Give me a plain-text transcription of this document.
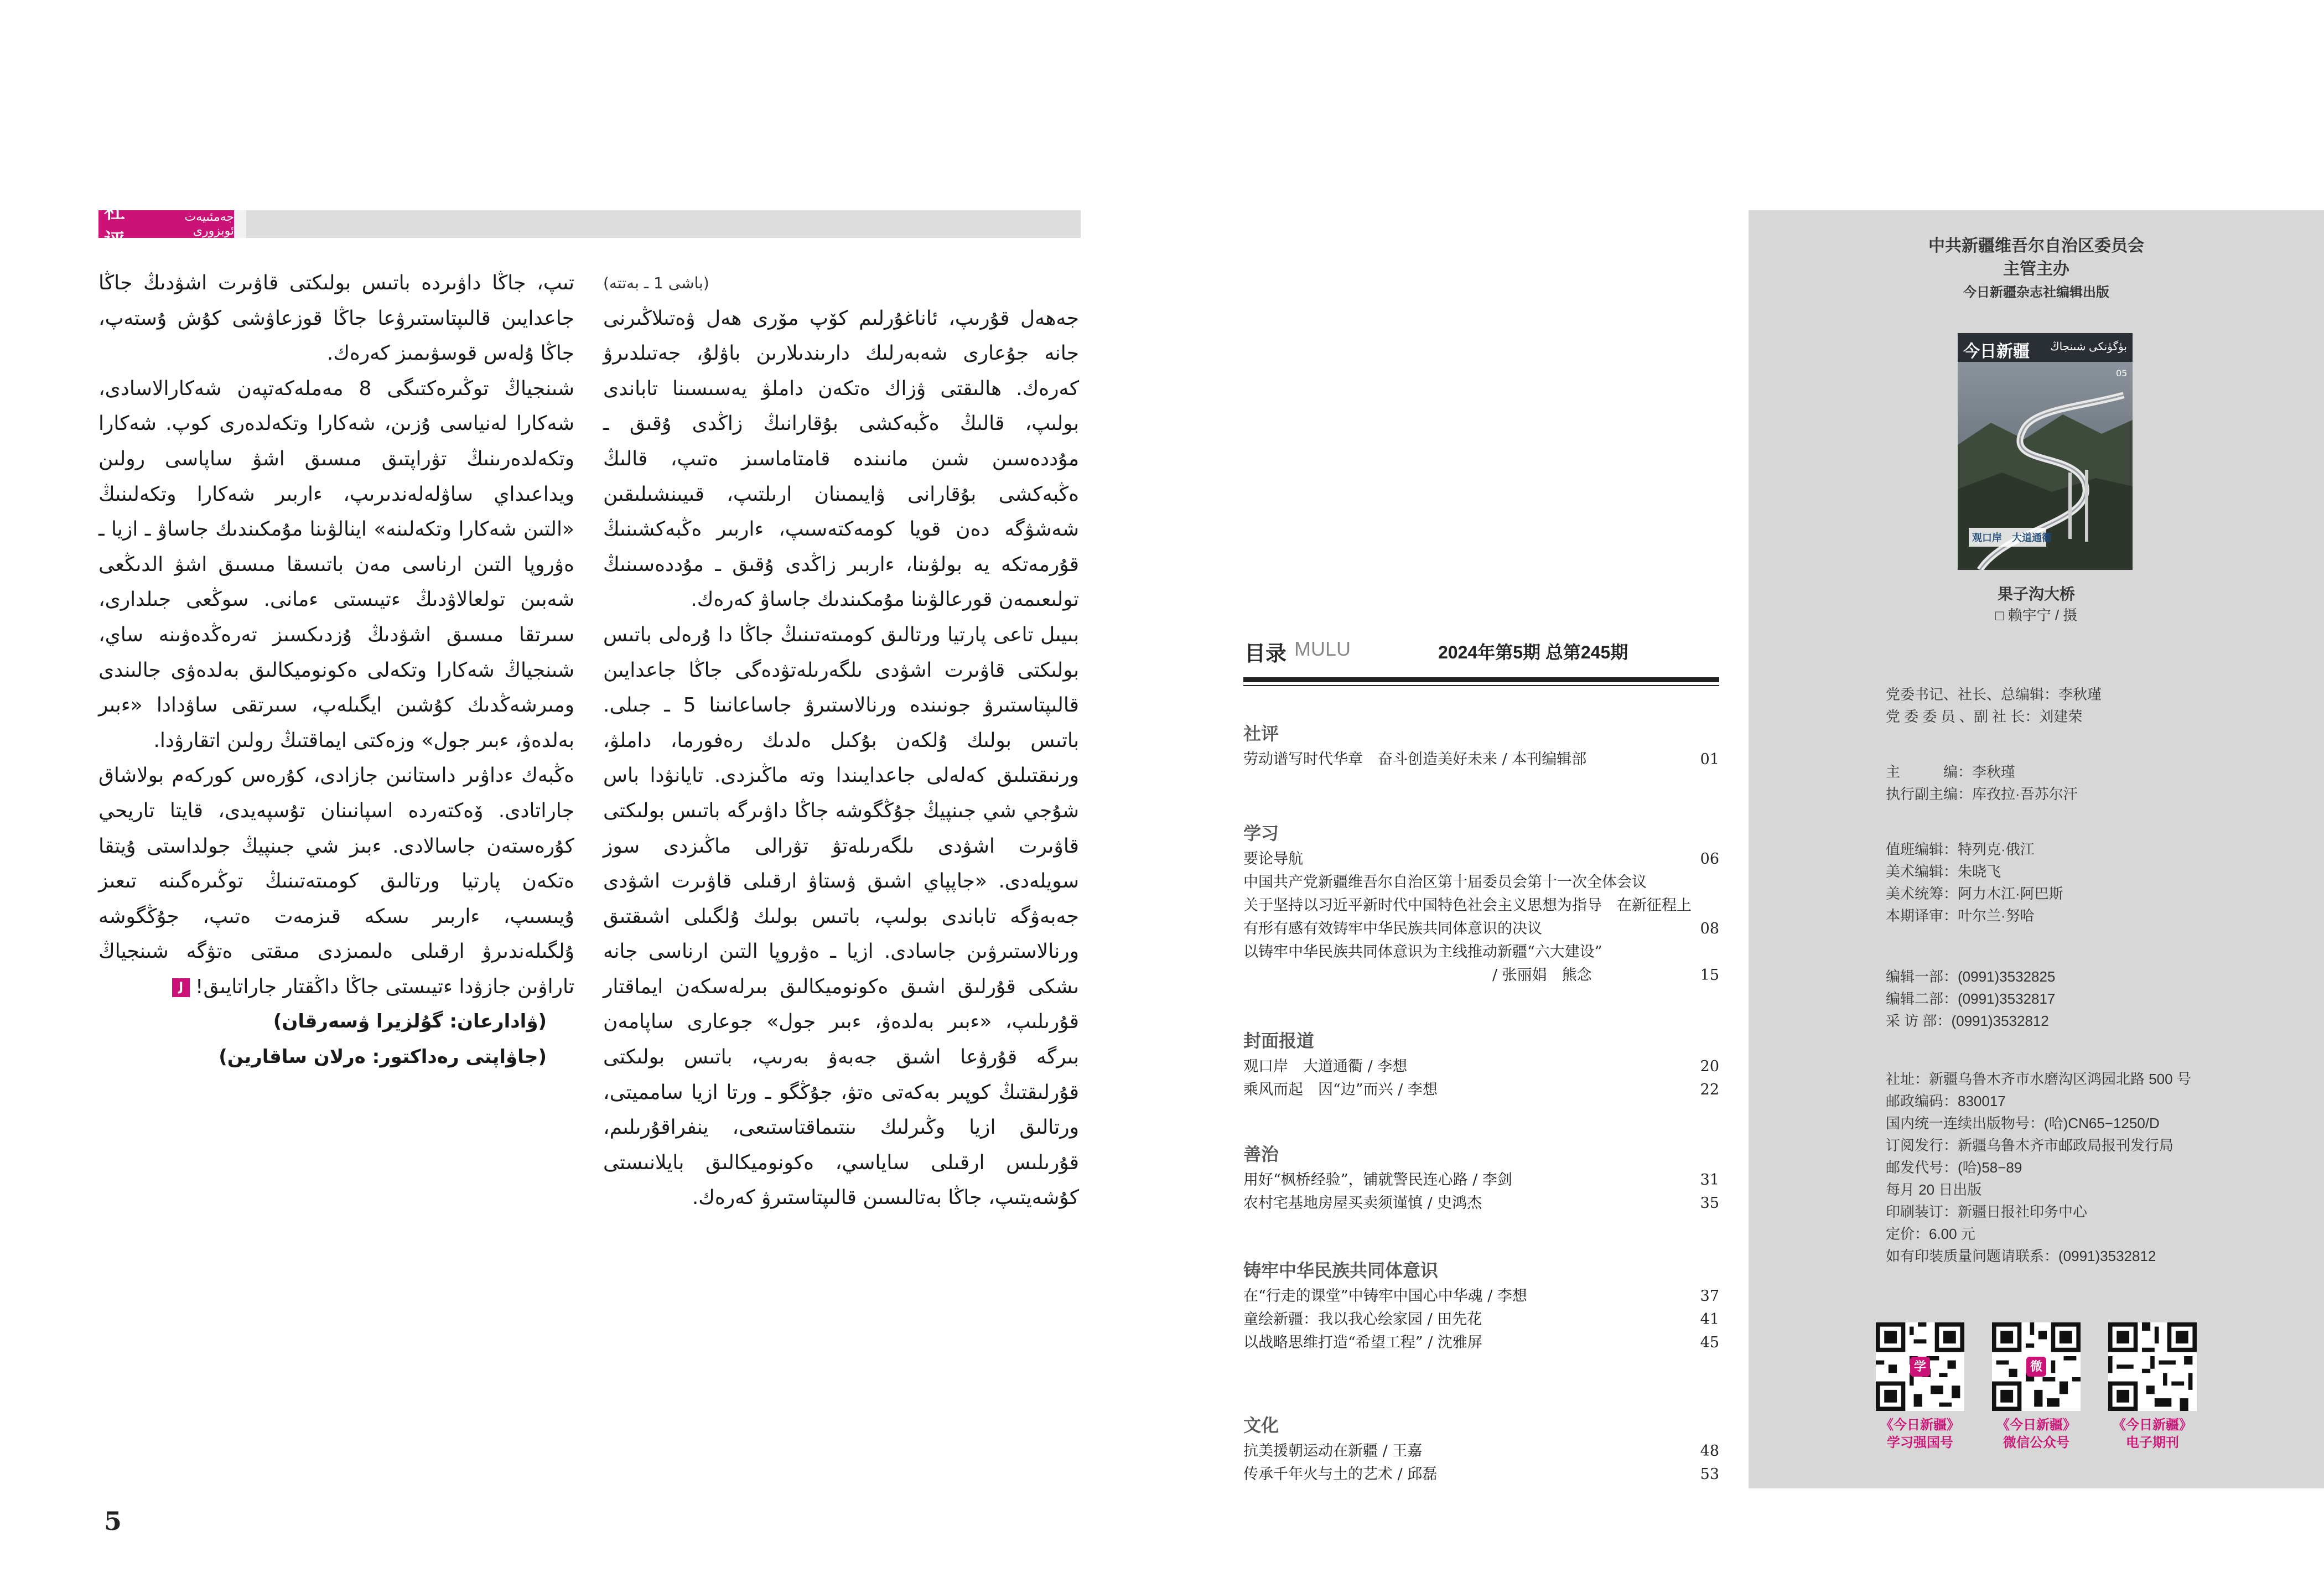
社评
جەمئىيەت ئوبزورى
(باشى 1 ـ بەتتە)

جەھەل قۇرىپ، ئاناغۇرلىم كۆپ مۆرى ھەل ۋەتىلاڭىرنى جانە جۇعارى شەبەرلىك دارىندىلارىن باۋلۇ، جەتىلدىرۋ كەرەك. ھالىقتى ۋزاك ەتكەن داملۋ يەسىسىنا تاباندى بولىپ، قالىڭ ەڭبەكشى بۇقارانىڭ زاڭدى ۇقىق ـ مۇددەسىن شىن مانىندە قامتاماسىز ەتىپ، قالىڭ ەڭبەكشى بۇقارانى ۋايىمىنان ارىلتىپ، قىيىنشىلىقىن شەشۋگە دەن قويا كومەكتەسىپ، ءاربىر ەڭبەكشىنىڭ قۇرمەتكە يە بولۋىنا، ءاربىر زاڭدى ۇقىق ـ مۇددەسىنىڭ تولىعىمەن قورعالۋىنا مۇمكىندىك جاساۋ كەرەك.

بىيىل تاعى پارتيا ورتالىق كومىتەتىنىڭ جاڭا دا ۇرەلى باتىس بولىكتى قاۋىرت اشۋدى ىلگەرىلەتۋدەگى جاڭا جاعدايىن قالىپتاستىرۋ جونىندە ورنالاستىرۋ جاساعانىنا 5 ـ جىلى. باتىس بولىك ۇلكەن بۇكىل ەلدىك رەفورما، داملۋ، ورنىقتىلىق كەلەلى جاعدايىندا وتە ماڭىزدى. تايانۋدا باس شۇجي شي جىنپيڭ جۇڭگوشە جاڭا داۋىرگە باتىس بولىكتى قاۋىرت اشۋدى ىلگەرىلەتۋ تۋرالى ماڭىزدى سوز سويلەدى. «جاپپاي اشىق ۋستاۋ ارقىلى قاۋىرت اشۋدى جەبەۋگە تاباندى بولىپ، باتىس بولىك ۇلگىلى اشىقتىق ورنالاستىرۋىن جاسادى. ازيا ـ ەۋروپا التىن ارناسى جانە ىشكى قۇرلىق اشىق ەكونوميكالىق بىرلەسكەن ايماقتار قۇرىلىپ، «ءبىر بەلدەۋ، ءبىر جول» جوعارى ساپامەن بىرگە قۇرۋعا اشىق جەبەۋ بەرىپ، باتىس بولىكتى قۇرلىقتىڭ كوپىر بەكەتى ەتۋ، جۇڭگو ـ ورتا ازيا سامميتى، ورتالىق ازيا وڭىرلىك ىنتىماقتاستىعى، ينفراقۇرىلىم، قۇرىلىس ارقىلى ساياسي، ەكونوميكالىق بايلانىستى كۇشەيتىپ، جاڭا بەتالىسىن قالىپتاستىرۋ كەرەك.

تىپ، جاڭا داۋىردە باتىس بولىكتى قاۋىرت اشۋدىڭ جاڭا جاعدايىن قالىپتاستىرۋعا جاڭا قوزعاۋشى كۇش ۇستەپ، جاڭا ۇلەس قوسۋىمىز كەرەك.

شىنجياڭ توڭىرەكتىگى 8 مەملەكەتپەن شەكارالاسادى، شەكارا لەنياسى ۇزىن، شەكارا وتكەلدەرى كوپ. شەكارا وتكەلدەرىنىڭ تۋراپتىق مىسىق اشۋ ساپاسى رولىن ويداعىداي ساۋلەلەندىرىپ، ءاربىر شەكارا وتكەلىنىڭ «التىن شەكارا وتكەلىنە» اينالۋىنا مۇمكىندىك جاساۋ ـ ازيا ـ ەۋروپا التىن ارناسى مەن باتىسقا مىسىق اشۋ الدىڭعى شەبىن تولعالاۋدىڭ ءتيىستى ءمانى. سوڭعى جىلدارى، سىرتقا مىسىق اشۋدىڭ ۇزدىكسىز تەرەڭدەۋىنە ساي، شىنجياڭ شەكارا وتكەلى ەكونوميكالىق بەلدەۋى جالىندى ومىرشەڭدىك كۇشىن ايگىلەپ، سىرتقى ساۋدادا «ءبىر بەلدەۋ، ءبىر جول» وزەكتى ايماقتىڭ رولىن اتقارۋدا.

ەڭبەك ءداۋىر داستانىن جازادى، كۇرەس كوركەم بولاشاق جاراتادى. ۆەكتەردە اسپانىنان تۇسپەيدى، قايتا تاريحي كۇرەستەن جاسالادى. ءبىز شي جىنپيڭ جولداستى ۇيتقا ەتكەن پارتيا ورتالىق كومىتەتىنىڭ توڭىرەگىنە تىعىز ۇيىسىپ، ءاربىر ىسكە قىزمەت ەتىپ، جۇڭگوشە ۇلگىلەندىرۋ ارقىلى ەلىمىزدى مىقتى ەتۋگە شىنجياڭ تاراۋىن جازۋدا ءتيىستى جاڭا داڭقتار جاراتايىق!J

(ۋادارعان: گۇلزيرا ۋسەرقان)

(جاۋاپتى رەداكتور: ەرلان ساقارين)

5
目录 MULU	2024年第5期 总第245期
社评
劳动谱写时代华章　奋斗创造美好未来 / 本刊编辑部	01
学习
要论导航	06
中国共产党新疆维吾尔自治区第十届委员会第十一次全体会议
关于坚持以习近平新时代中国特色社会主义思想为指导　在新征程上
有形有感有效铸牢中华民族共同体意识的决议	08
以铸牢中华民族共同体意识为主线推动新疆“六大建设”
/ 张丽娟　熊念	15
封面报道
观口岸　大道通衢 / 李想	20
乘风而起　因“边”而兴 / 李想	22
善治
用好“枫桥经验”，铺就警民连心路 / 李剑	31
农村宅基地房屋买卖须谨慎 / 史鸿杰	35
铸牢中华民族共同体意识
在“行走的课堂”中铸牢中国心中华魂 / 李想	37
童绘新疆：我以我心绘家园 / 田先花	41
以战略思维打造“希望工程” / 沈雅屏	45
文化
抗美援朝运动在新疆 / 王嘉	48
传承千年火与土的艺术 / 邱磊	53
中共新疆维吾尔自治区委员会
主管主办
今日新疆杂志社编辑出版
今日新疆 بۈگۈنكى شىنجاڭ
观口岸　大道通衢
05
果子沟大桥
□ 赖宇宁 / 摄
党委书记、社长、总编辑：李秋瑾
党 委 委 员 、副 社 长：刘建荣
主　　　编：李秋瑾
执行副主编：库孜拉·吾苏尔汗
值班编辑：特列克·俄江
美术编辑：朱晓飞
美术统筹：阿力木江·阿巴斯
本期译审：叶尔兰·努哈
编辑一部：(0991)3532825
编辑二部：(0991)3532817
采 访 部：(0991)3532812
社址：新疆乌鲁木齐市水磨沟区鸿园北路 500 号
邮政编码：830017
国内统一连续出版物号：(哈)CN65−1250/D
订阅发行：新疆乌鲁木齐市邮政局报刊发行局
邮发代号：(哈)58−89
每月 20 日出版
印刷装订：新疆日报社印务中心
定价：6.00 元
如有印装质量问题请联系：(0991)3532812
学
《今日新疆》
学习强国号
微
《今日新疆》
微信公众号
《今日新疆》
电子期刊
